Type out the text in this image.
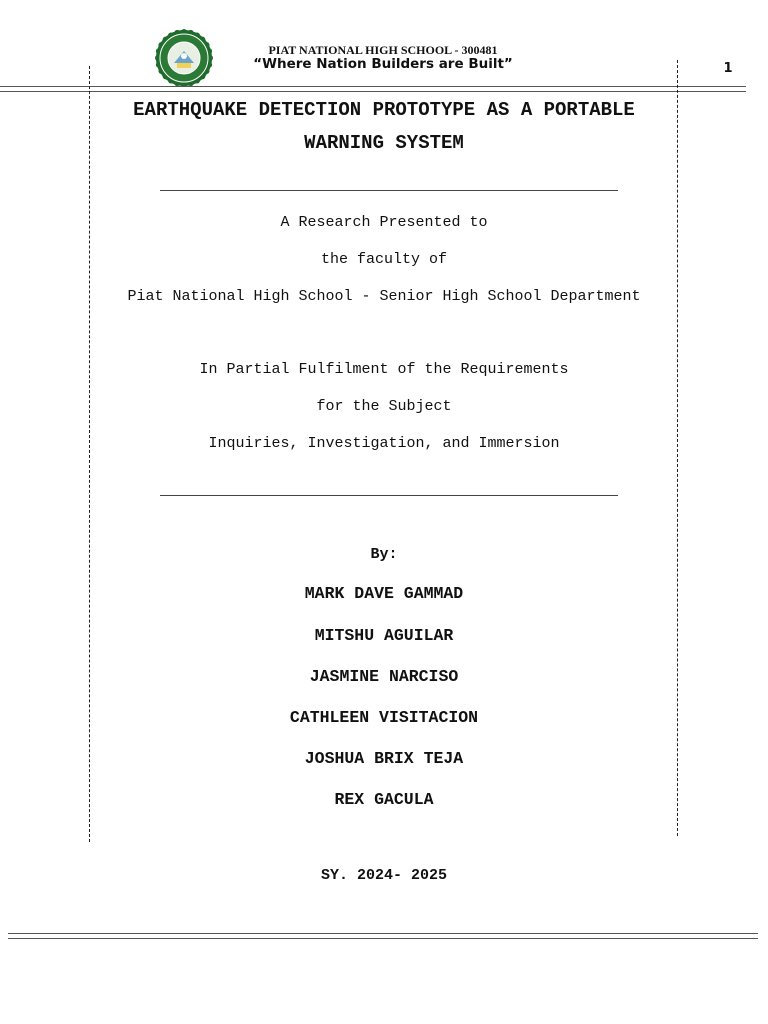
PIAT NATIONAL HIGH SCHOOL - 300481
“Where Nation Builders are Built”	1
EARTHQUAKE DETECTION PROTOTYPE AS A PORTABLE
WARNING SYSTEM
A Research Presented to
the faculty of
Piat National High School - Senior High School Department
In Partial Fulfilment of the Requirements
for the Subject
Inquiries, Investigation, and Immersion
By:
MARK DAVE GAMMAD
MITSHU AGUILAR
JASMINE NARCISO
CATHLEEN VISITACION
JOSHUA BRIX TEJA
REX GACULA
SY. 2024- 2025
